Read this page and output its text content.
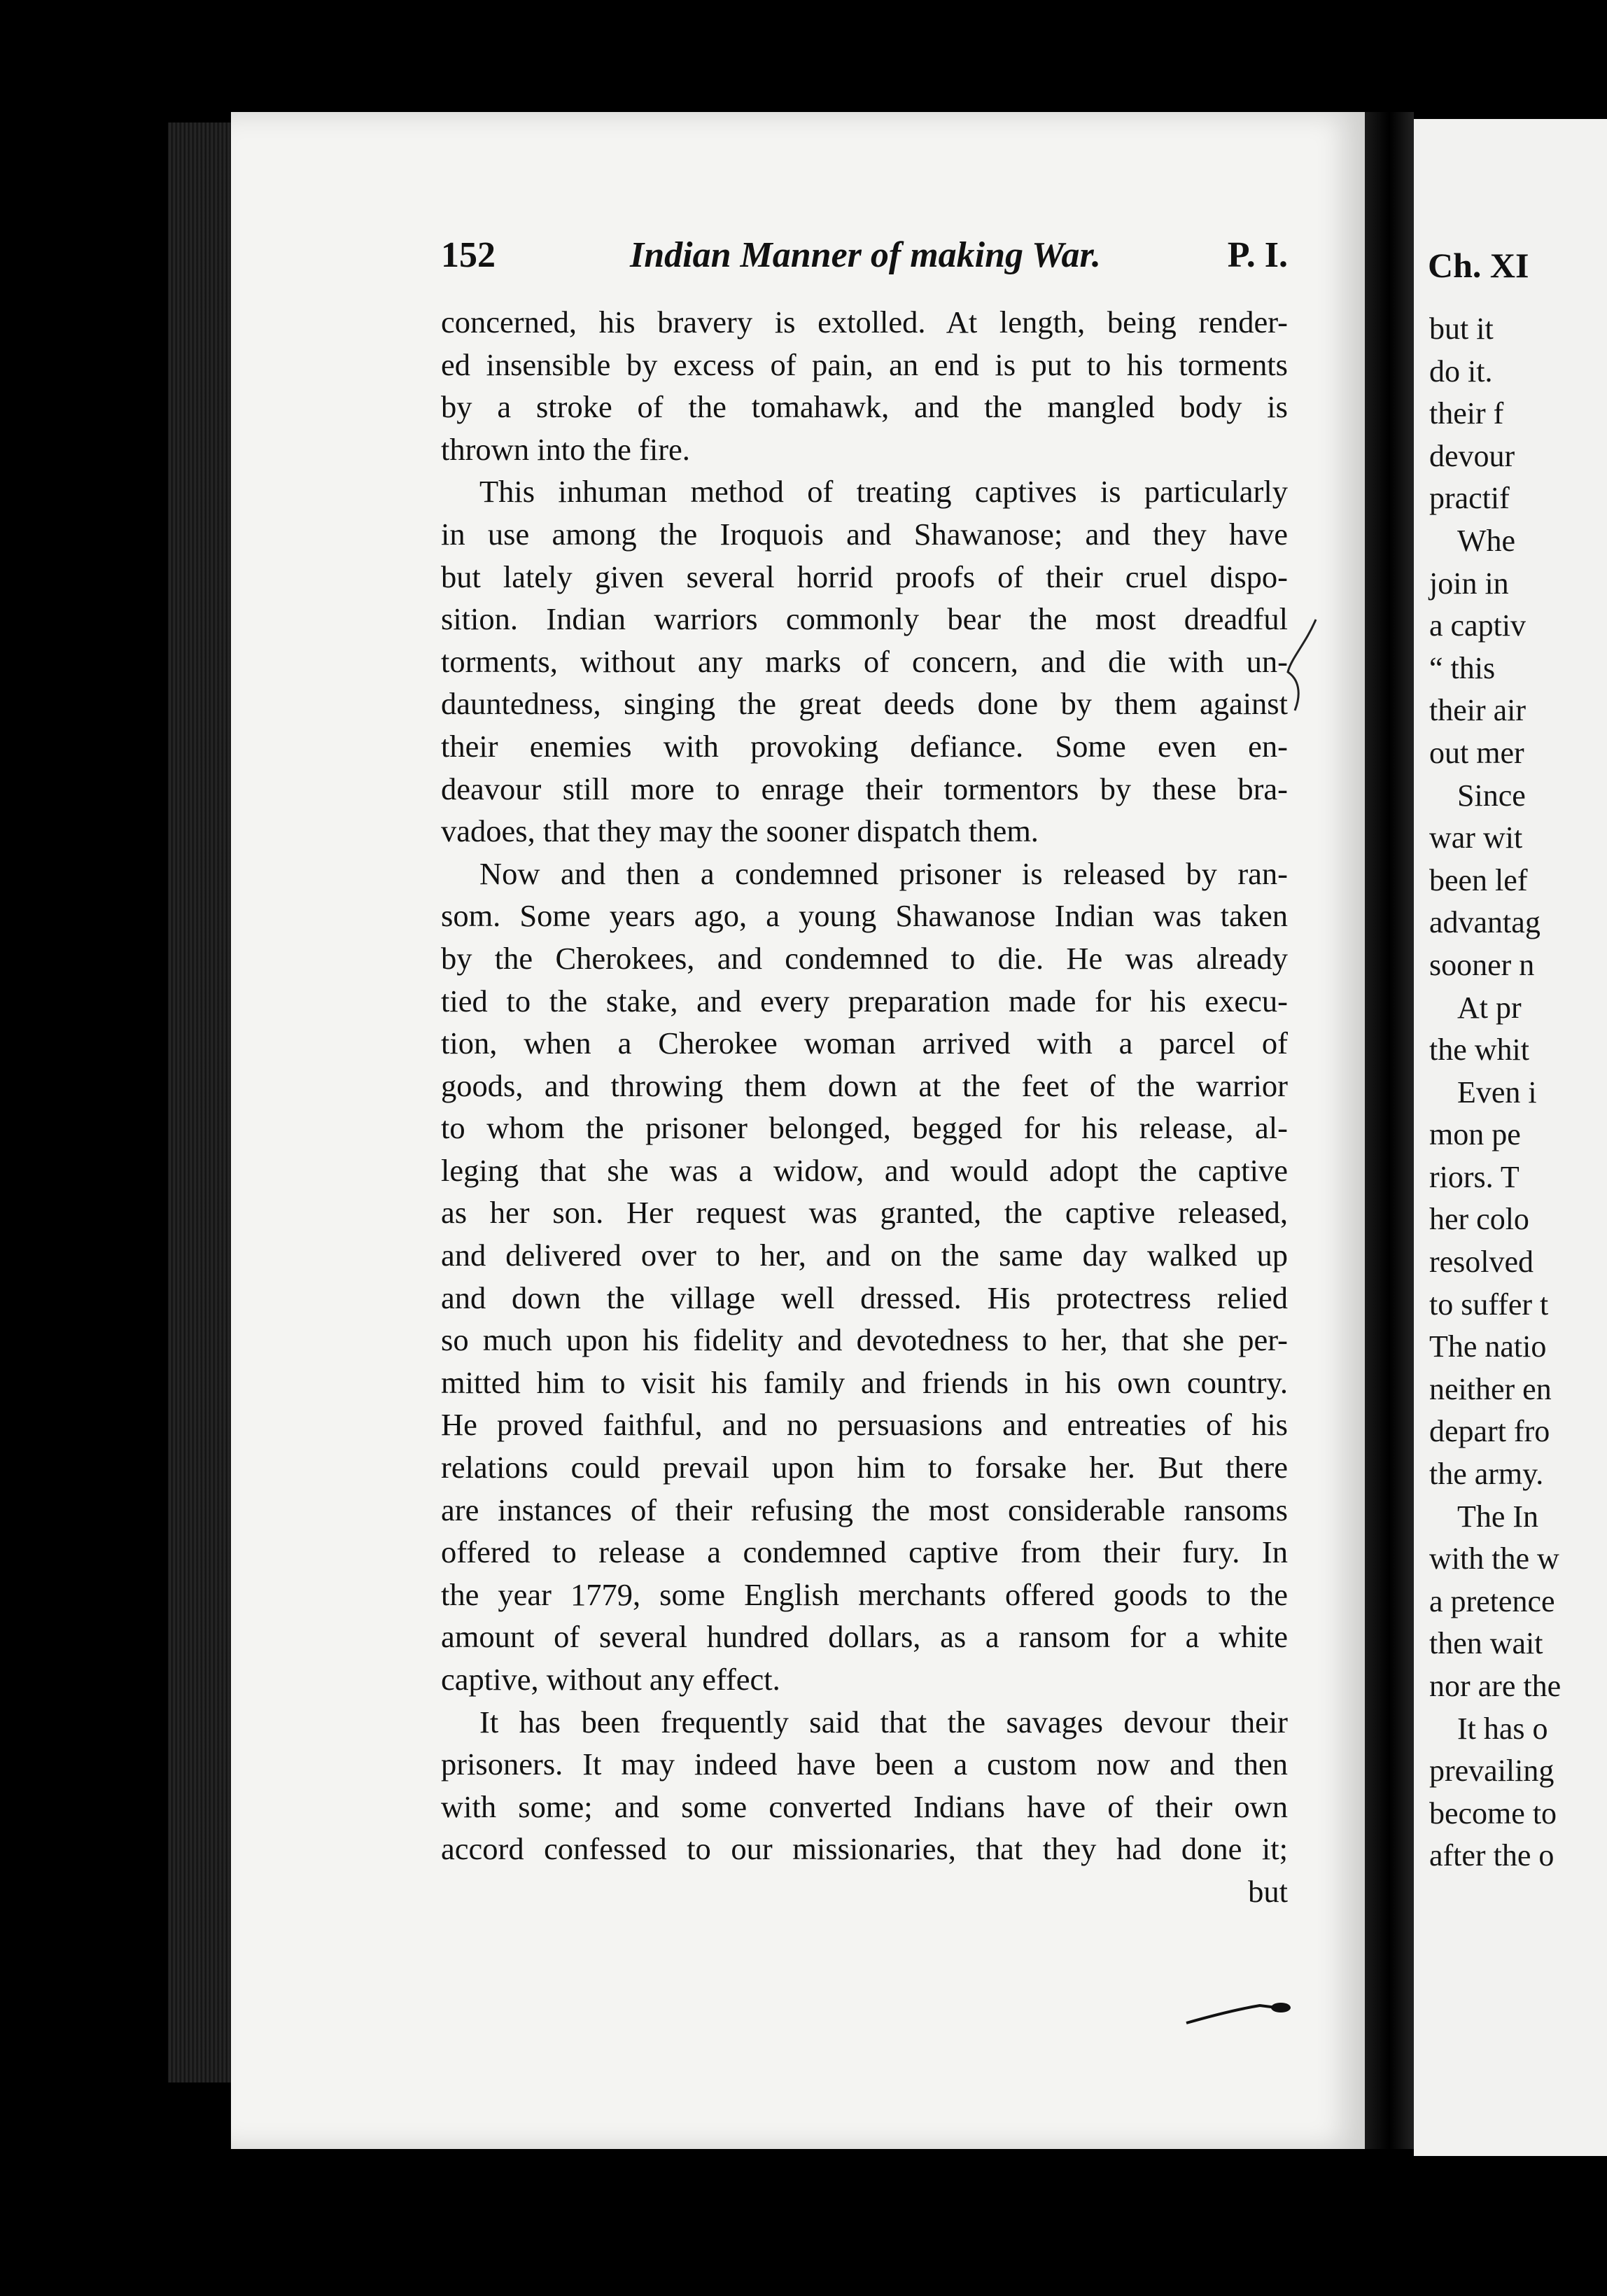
152	Indian Manner of making War.	P. I.
concerned, his bravery is extolled. At length, being render-
ed insensible by excess of pain, an end is put to his torments
by a stroke of the tomahawk, and the mangled body is
thrown into the fire.
This inhuman method of treating captives is particularly
in use among the Iroquois and Shawanose; and they have
but lately given several horrid proofs of their cruel dispo-
sition. Indian warriors commonly bear the most dreadful
torments, without any marks of concern, and die with un-
dauntedness, singing the great deeds done by them against
their enemies with provoking defiance. Some even en-
deavour still more to enrage their tormentors by these bra-
vadoes, that they may the sooner dispatch them.
Now and then a condemned prisoner is released by ran-
som. Some years ago, a young Shawanose Indian was taken
by the Cherokees, and condemned to die. He was already
tied to the stake, and every preparation made for his execu-
tion, when a Cherokee woman arrived with a parcel of
goods, and throwing them down at the feet of the warrior
to whom the prisoner belonged, begged for his release, al-
leging that she was a widow, and would adopt the captive
as her son. Her request was granted, the captive released,
and delivered over to her, and on the same day walked up
and down the village well dressed. His protectress relied
so much upon his fidelity and devotedness to her, that she per-
mitted him to visit his family and friends in his own country.
He proved faithful, and no persuasions and entreaties of his
relations could prevail upon him to forsake her. But there
are instances of their refusing the most considerable ransoms
offered to release a condemned captive from their fury. In
the year 1779, some English merchants offered goods to the
amount of several hundred dollars, as a ransom for a white
captive, without any effect.
It has been frequently said that the savages devour their
prisoners. It may indeed have been a custom now and then
with some; and some converted Indians have of their own
accord confessed to our missionaries, that they had done it;
but
Ch. XI
but it
do it.
their f
devour
practif
Whe
join in
a captiv
“ this
their air
out mer
Since
war wit
been lef
advantag
sooner n
At pr
the whit
Even i
mon pe
riors. T
her colo
resolved
to suffer t
The natio
neither en
depart fro
the army.
The In
with the w
a pretence
then wait
nor are the
It has o
prevailing
become to
after the o
